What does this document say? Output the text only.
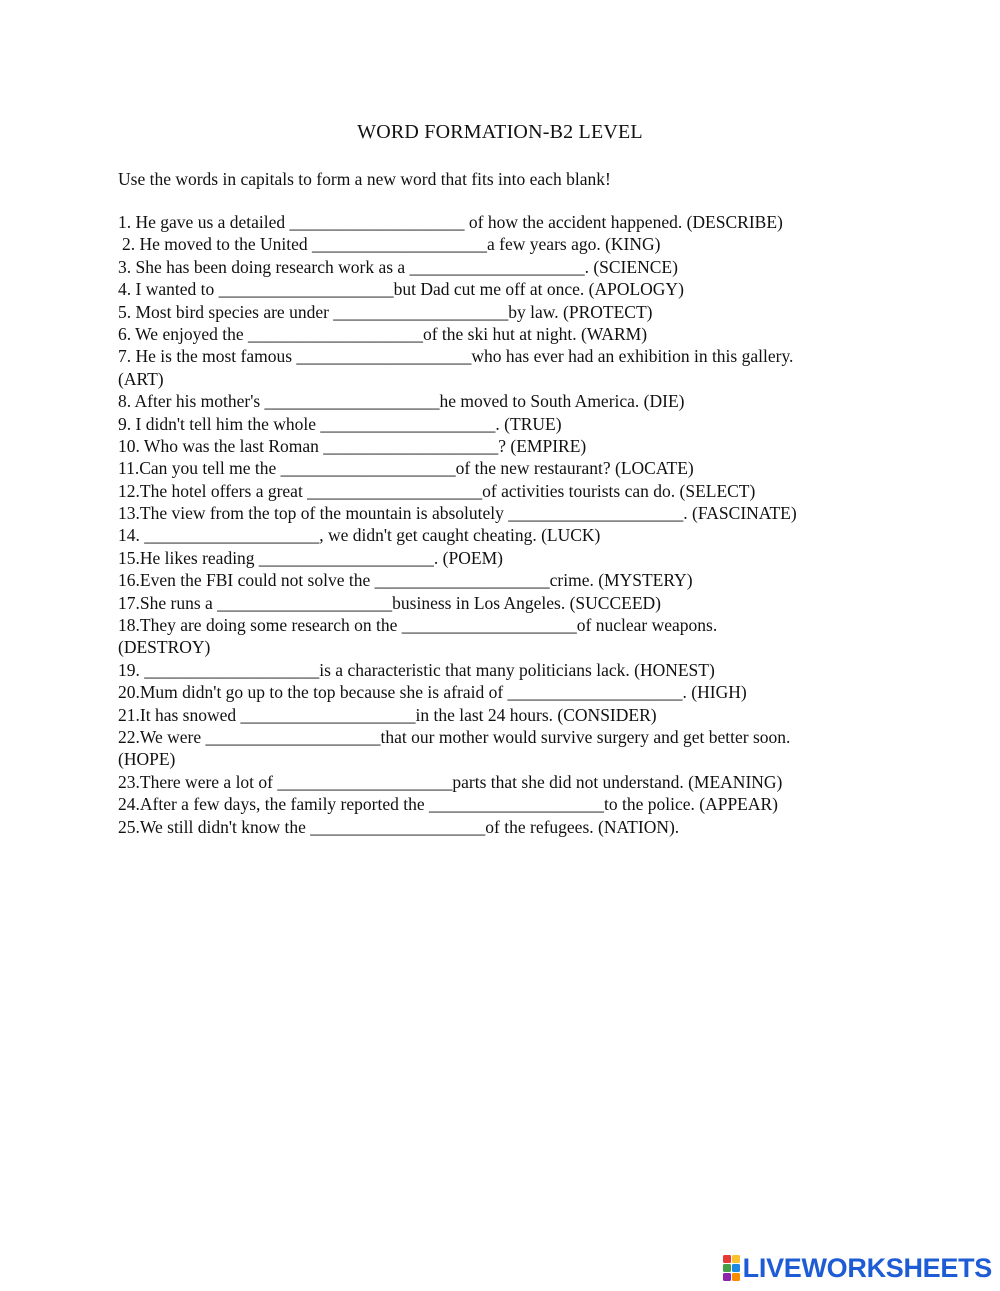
WORD FORMATION-B2 LEVEL
Use the words in capitals to form a new word that fits into each blank!
1. He gave us a detailed ____________________ of how the accident happened. (DESCRIBE)
2. He moved to the United ____________________a few years ago. (KING)
3. She has been doing research work as a ____________________. (SCIENCE)
4. I wanted to ____________________but Dad cut me off at once. (APOLOGY)
5. Most bird species are under ____________________by law. (PROTECT)
6. We enjoyed the ____________________of the ski hut at night. (WARM)
7. He is the most famous ____________________who has ever had an exhibition in this gallery.
(ART)
8. After his mother's ____________________he moved to South America. (DIE)
9. I didn't tell him the whole ____________________. (TRUE)
10. Who was the last Roman ____________________? (EMPIRE)
11.Can you tell me the ____________________of the new restaurant? (LOCATE)
12.The hotel offers a great ____________________of activities tourists can do. (SELECT)
13.The view from the top of the mountain is absolutely ____________________. (FASCINATE)
14. ____________________, we didn't get caught cheating. (LUCK)
15.He likes reading ____________________. (POEM)
16.Even the FBI could not solve the ____________________crime. (MYSTERY)
17.She runs a ____________________business in Los Angeles. (SUCCEED)
18.They are doing some research on the ____________________of nuclear weapons.
(DESTROY)
19. ____________________is a characteristic that many politicians lack. (HONEST)
20.Mum didn't go up to the top because she is afraid of ____________________. (HIGH)
21.It has snowed ____________________in the last 24 hours. (CONSIDER)
22.We were ____________________that our mother would survive surgery and get better soon.
(HOPE)
23.There were a lot of ____________________parts that she did not understand. (MEANING)
24.After a few days, the family reported the ____________________to the police. (APPEAR)
25.We still didn't know the ____________________of the refugees. (NATION).
LIVEWORKSHEETS
